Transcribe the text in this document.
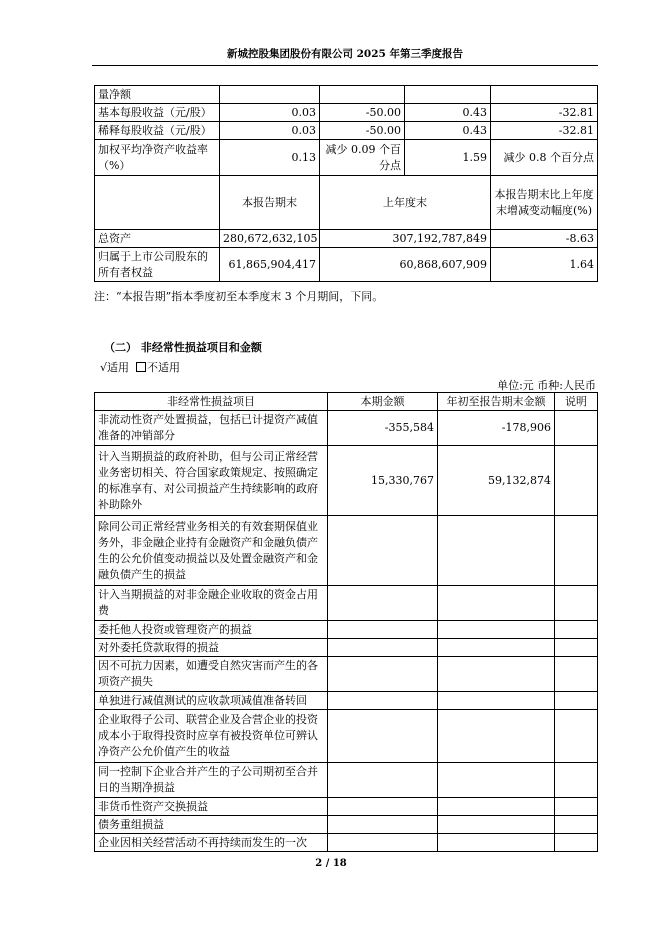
新城控股集团股份有限公司 2025 年第三季度报告
量净额				
基本每股收益（元/股）	0.03	-50.00	0.43	-32.81
稀释每股收益（元/股）	0.03	-50.00	0.43	-32.81
加权平均净资产收益率（%）	0.13	减少 0.09 个百分点	1.59	减少 0.8 个百分点
	本报告期末	上年度末		本报告期末比上年度末增减变动幅度(%)
总资产	280,672,632,105	307,192,787,849		-8.63
归属于上市公司股东的所有者权益	61,865,904,417	60,868,607,909		1.64
注：“本报告期”指本季度初至本季度末 3 个月期间，下同。
（二） 非经常性损益项目和金额
√适用 不适用
单位:元 币种:人民币
非经常性损益项目	本期金额	年初至报告期末金额	说明
非流动性资产处置损益，包括已计提资产减值准备的冲销部分	-355,584	-178,906	
计入当期损益的政府补助，但与公司正常经营业务密切相关、符合国家政策规定、按照确定的标准享有、对公司损益产生持续影响的政府补助除外	15,330,767	59,132,874	
除同公司正常经营业务相关的有效套期保值业务外，非金融企业持有金融资产和金融负债产生的公允价值变动损益以及处置金融资产和金融负债产生的损益			
计入当期损益的对非金融企业收取的资金占用费			
委托他人投资或管理资产的损益			
对外委托贷款取得的损益			
因不可抗力因素，如遭受自然灾害而产生的各项资产损失			
单独进行减值测试的应收款项减值准备转回			
企业取得子公司、联营企业及合营企业的投资成本小于取得投资时应享有被投资单位可辨认净资产公允价值产生的收益			
同一控制下企业合并产生的子公司期初至合并日的当期净损益			
非货币性资产交换损益			
债务重组损益			
企业因相关经营活动不再持续而发生的一次			
2 / 18
